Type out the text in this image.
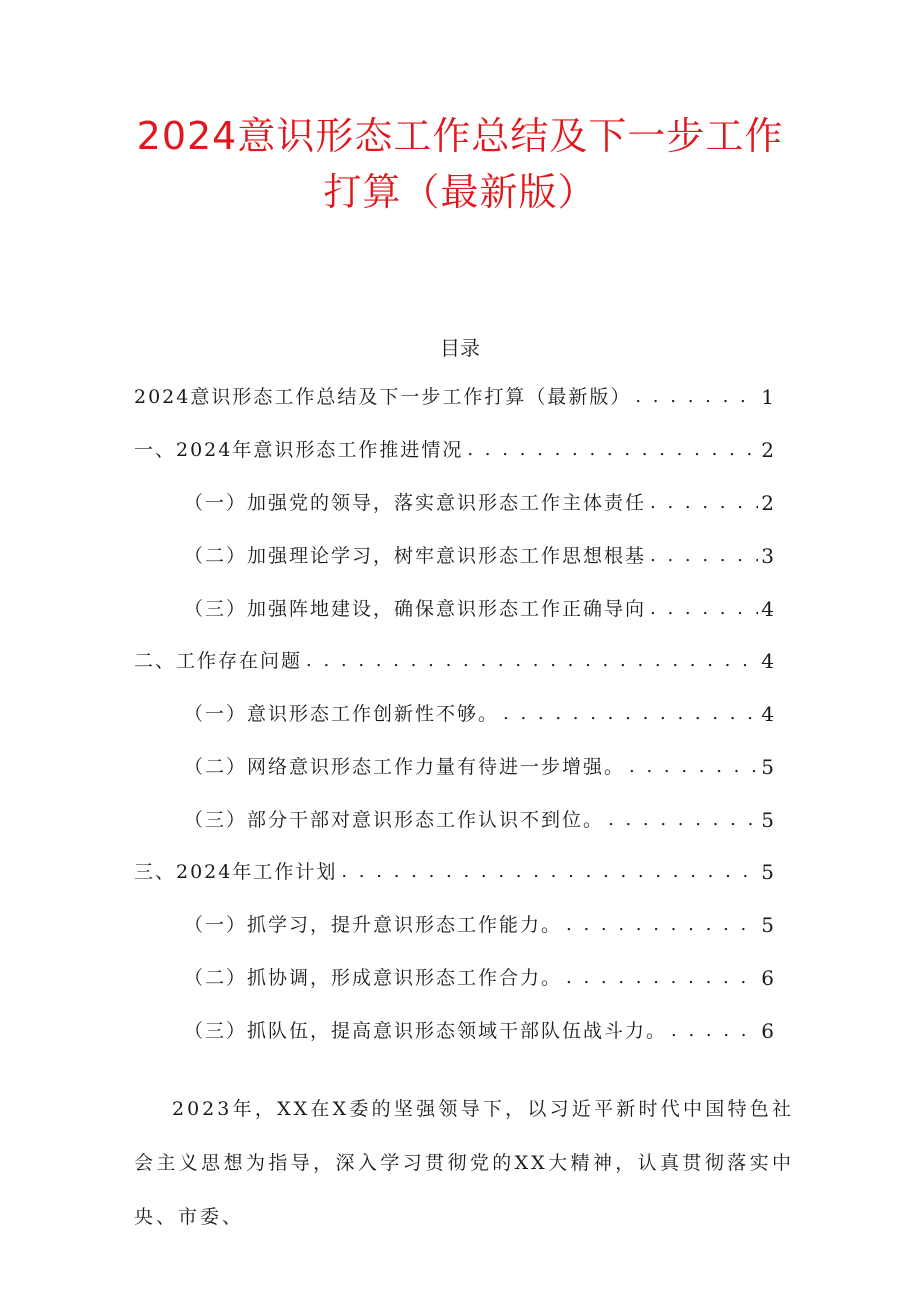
2024意识形态工作总结及下一步工作
打算（最新版）
目录
2024意识形态工作总结及下一步工作打算（最新版） . . .	1
一、2024年意识形态工作推进情况 . . .	2
（一）加强党的领导，落实意识形态工作主体责任 . . .	2
（二）加强理论学习，树牢意识形态工作思想根基 . . .	3
（三）加强阵地建设，确保意识形态工作正确导向 . . .	4
二、工作存在问题 . . .	4
（一）意识形态工作创新性不够。 . . .	4
（二）网络意识形态工作力量有待进一步增强。 . . .	5
（三）部分干部对意识形态工作认识不到位。 . . .	5
三、2024年工作计划 . . .	5
（一）抓学习，提升意识形态工作能力。 . . .	5
（二）抓协调，形成意识形态工作合力。 . . .	6
（三）抓队伍，提高意识形态领域干部队伍战斗力。 . . .	6

2023年，XX在X委的坚强领导下，以习近平新时代中国特色社会主义思想为指导，深入学习贯彻党的XX大精神，认真贯彻落实中央、市委、
